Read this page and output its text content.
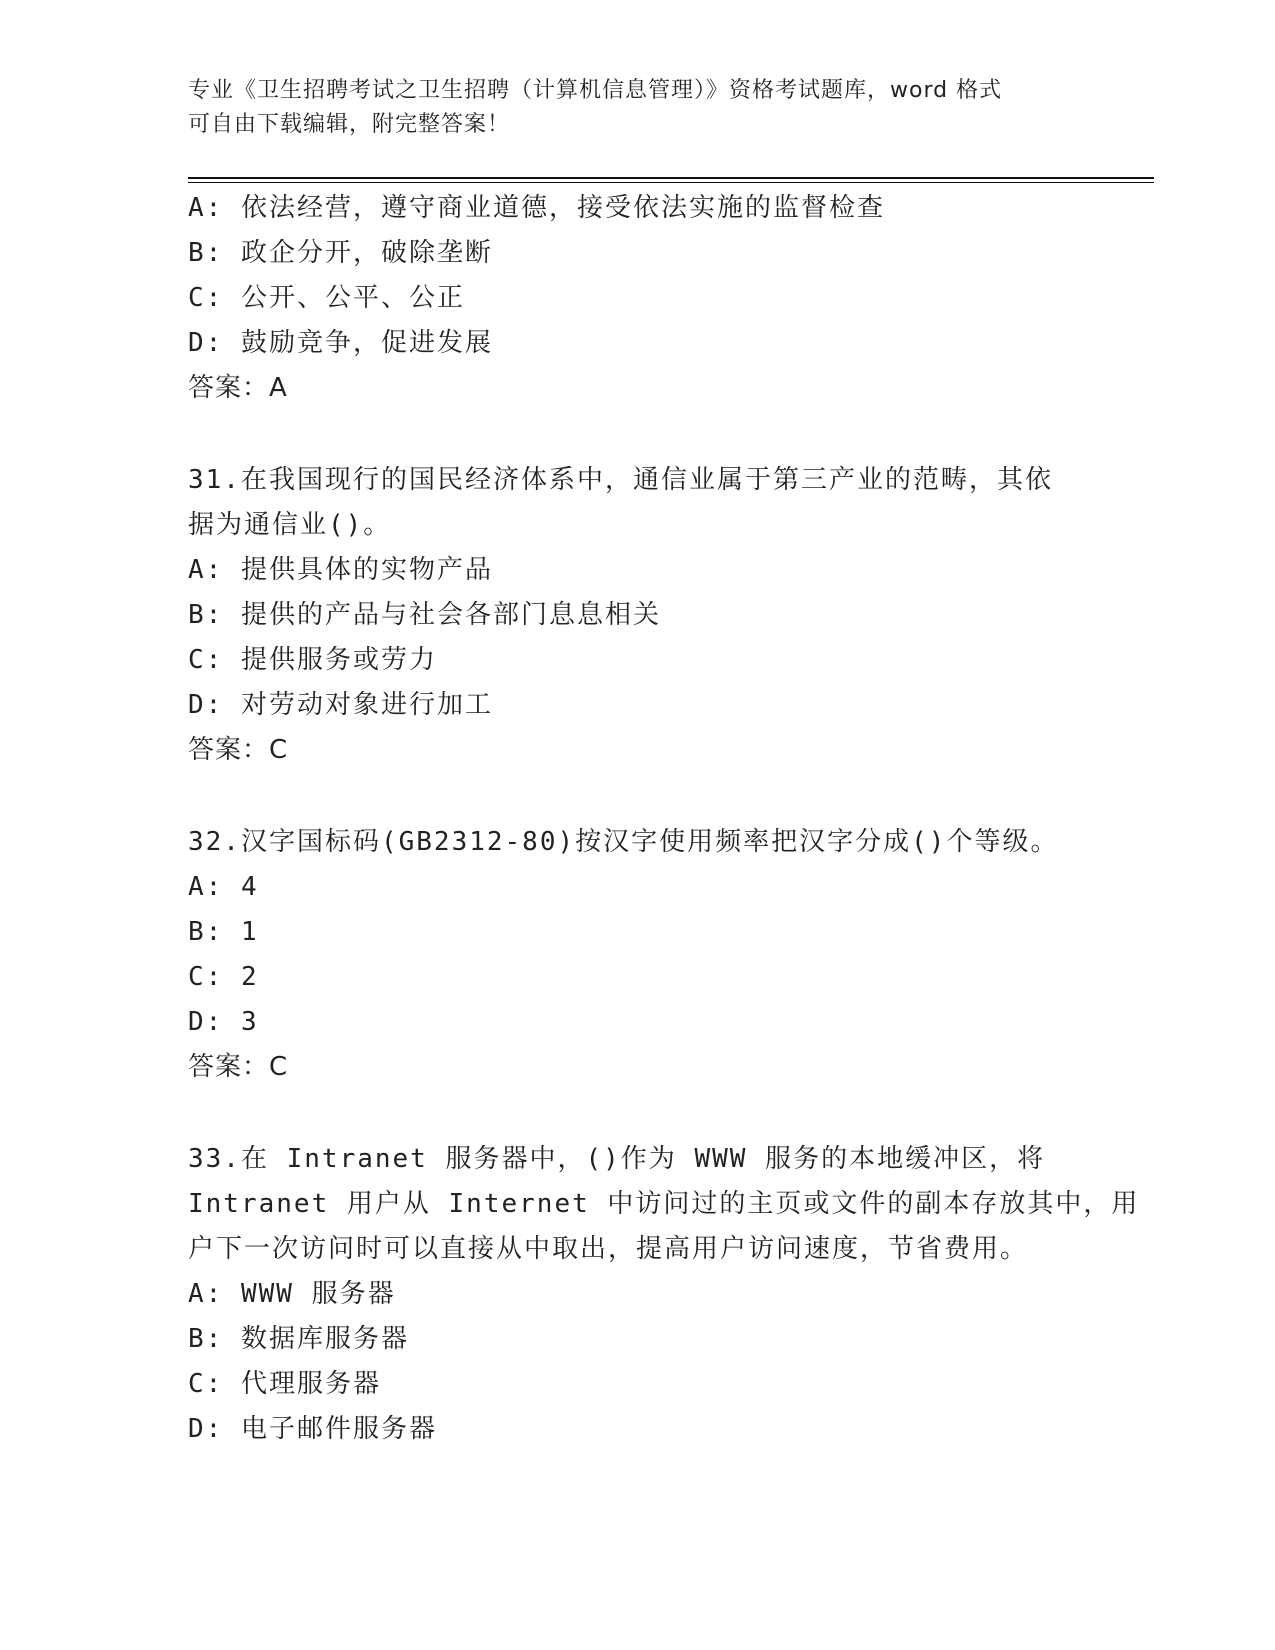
专业《卫生招聘考试之卫生招聘（计算机信息管理）》资格考试题库，word 格式

可自由下载编辑，附完整答案！

A: 依法经营，遵守商业道德，接受依法实施的监督检查
B: 政企分开，破除垄断
C: 公开、公平、公正
D: 鼓励竞争，促进发展
答案：A
31.在我国现行的国民经济体系中，通信业属于第三产业的范畴，其依
据为通信业()。
A: 提供具体的实物产品
B: 提供的产品与社会各部门息息相关
C: 提供服务或劳力
D: 对劳动对象进行加工
答案：C
32.汉字国标码(GB2312-80)按汉字使用频率把汉字分成()个等级。
A: 4
B: 1
C: 2
D: 3
答案：C
33.在 Intranet 服务器中，()作为 WWW 服务的本地缓冲区，将
Intranet 用户从 Internet 中访问过的主页或文件的副本存放其中，用
户下一次访问时可以直接从中取出，提高用户访问速度，节省费用。
A: WWW 服务器
B: 数据库服务器
C: 代理服务器
D: 电子邮件服务器
